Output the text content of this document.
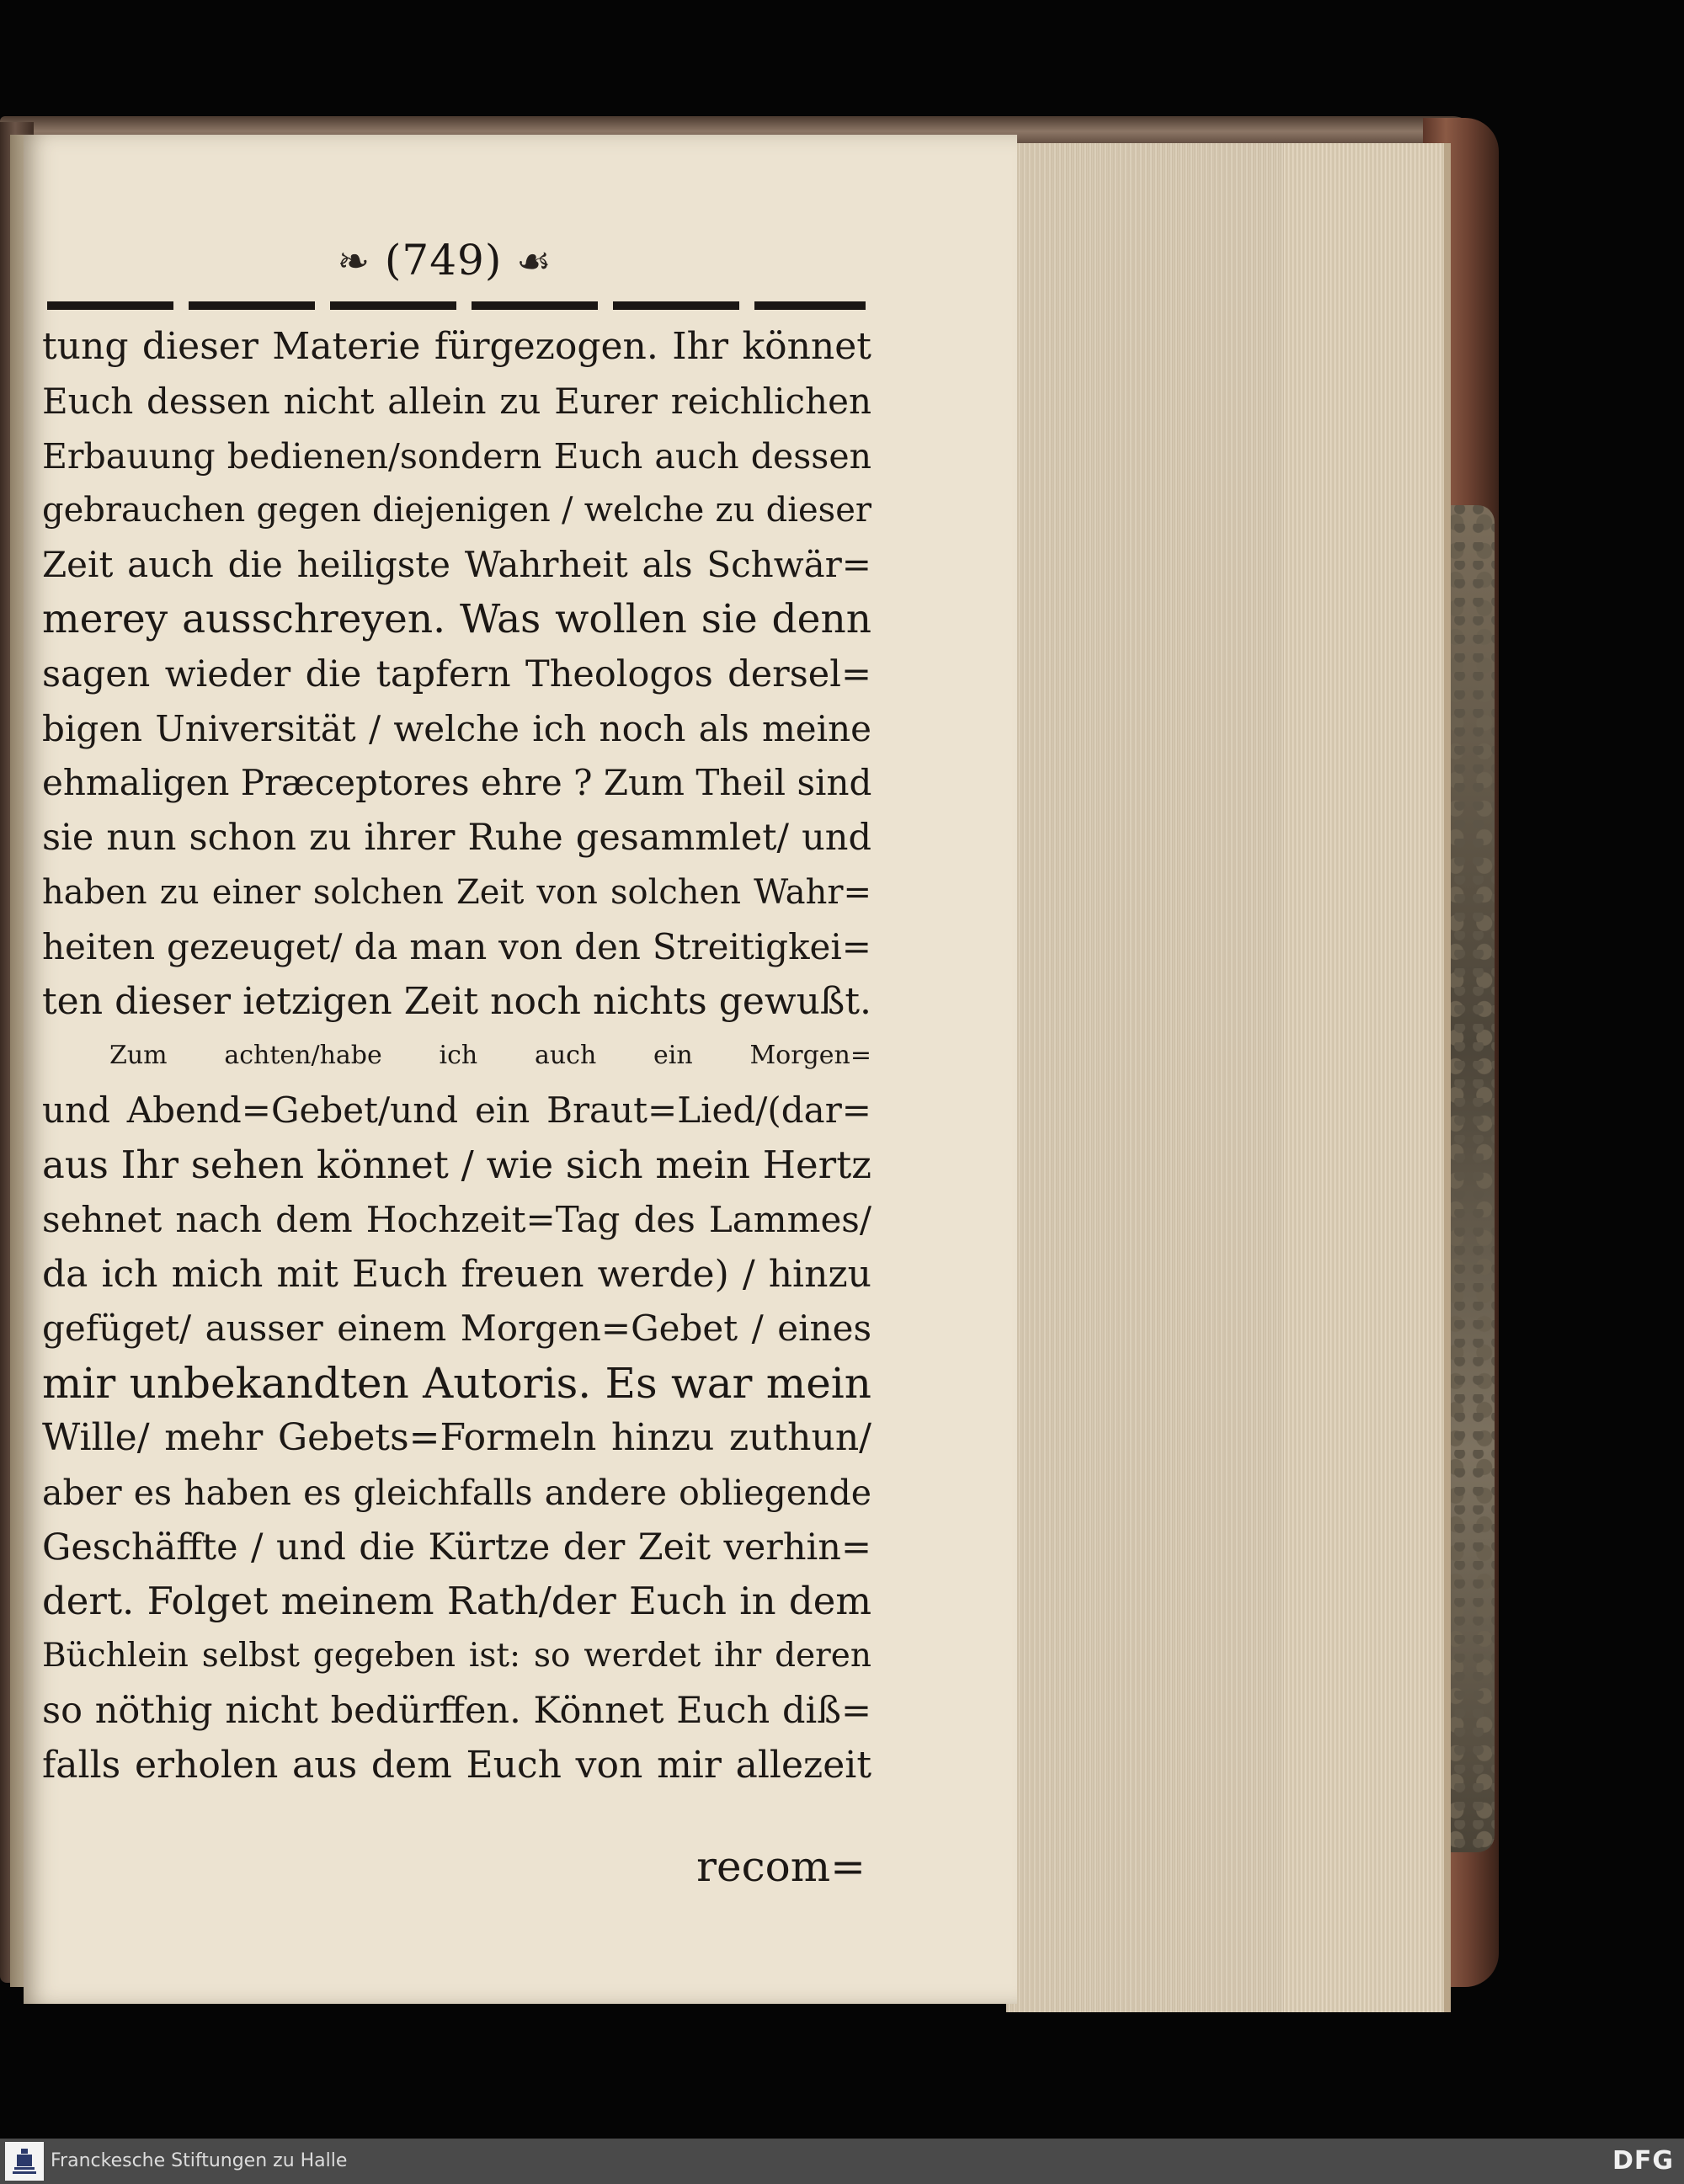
❧ (749) ☙
tung dieser Materie fürgezogen. Ihr könnet
Euch dessen nicht allein zu Eurer reichlichen
Erbauung bedienen/sondern Euch auch dessen
gebrauchen gegen diejenigen / welche zu dieser
Zeit auch die heiligste Wahrheit als Schwär=
merey ausschreyen. Was wollen sie denn
sagen wieder die tapfern Theologos dersel=
bigen Universität / welche ich noch als meine
ehmaligen Præceptores ehre ? Zum Theil sind
sie nun schon zu ihrer Ruhe gesammlet/ und
haben zu einer solchen Zeit von solchen Wahr=
heiten gezeuget/ da man von den Streitigkei=
ten dieser ietzigen Zeit noch nichts gewußt.
Zum achten/habe ich auch ein Morgen=
und Abend=Gebet/und ein Braut=Lied/(dar=
aus Ihr sehen könnet / wie sich mein Hertz
sehnet nach dem Hochzeit=Tag des Lammes/
da ich mich mit Euch freuen werde) / hinzu
gefüget/ ausser einem Morgen=Gebet / eines
mir unbekandten Autoris. Es war mein
Wille/ mehr Gebets=Formeln hinzu zuthun/
aber es haben es gleichfalls andere obliegende
Geschäffte / und die Kürtze der Zeit verhin=
dert. Folget meinem Rath/der Euch in dem
Büchlein selbst gegeben ist: so werdet ihr deren
so nöthig nicht bedürffen. Könnet Euch diß=
falls erholen aus dem Euch von mir allezeit
recom=
Franckesche Stiftungen zu Halle	DFG
